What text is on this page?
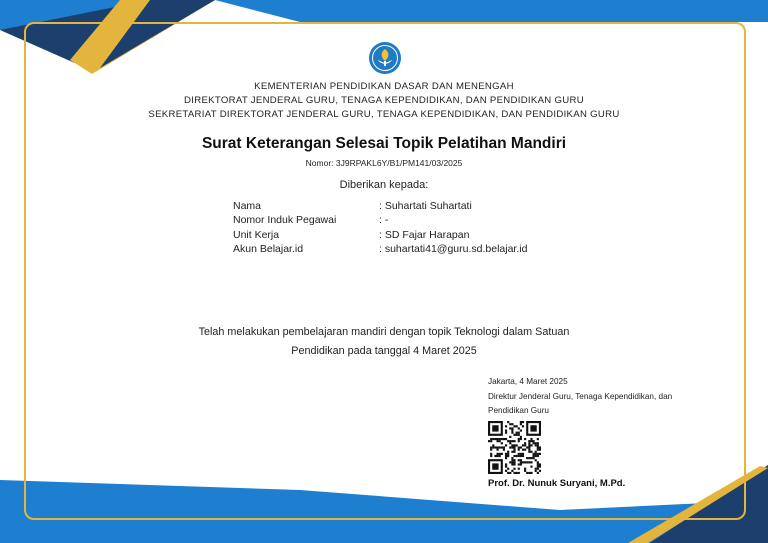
KEMENTERIAN PENDIDIKAN DASAR DAN MENENGAH
DIREKTORAT JENDERAL GURU, TENAGA KEPENDIDIKAN, DAN PENDIDIKAN GURU
SEKRETARIAT DIREKTORAT JENDERAL GURU, TENAGA KEPENDIDIKAN, DAN PENDIDIKAN GURU
Surat Keterangan Selesai Topik Pelatihan Mandiri
Nomor: 3J9RPAKL6Y/B1/PM141/03/2025
Diberikan kepada:
Nama	: Suhartati Suhartati
Nomor Induk Pegawai	: -
Unit Kerja	: SD Fajar Harapan
Akun Belajar.id	: suhartati41@guru.sd.belajar.id
Telah melakukan pembelajaran mandiri dengan topik Teknologi dalam Satuan
Pendidikan pada tanggal 4 Maret 2025
Jakarta, 4 Maret 2025
Direktur Jenderal Guru, Tenaga Kependidikan, dan
Pendidikan Guru
Prof. Dr. Nunuk Suryani, M.Pd.
